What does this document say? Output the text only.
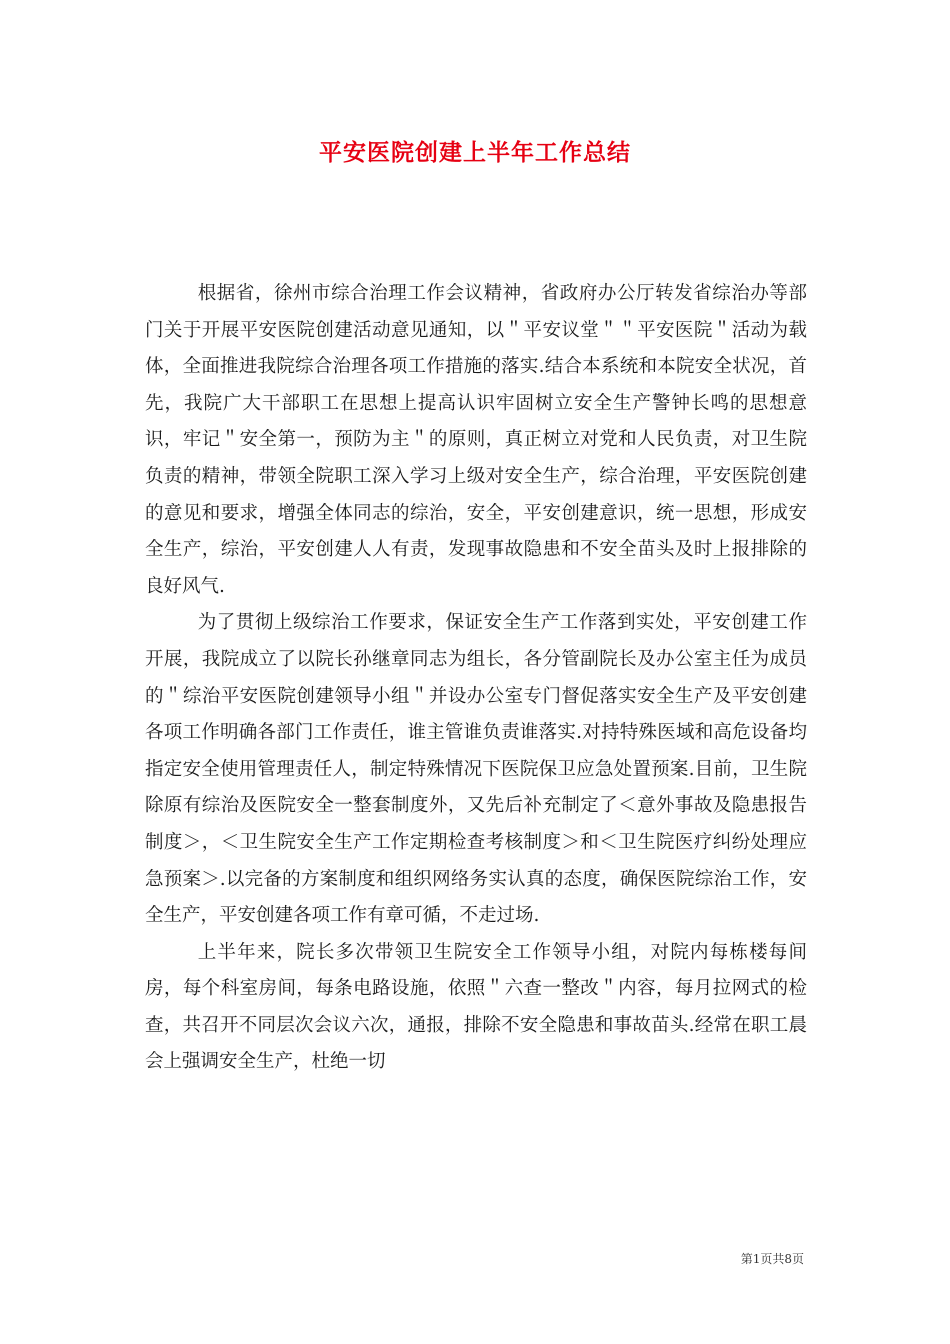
平安医院创建上半年工作总结

根据省，徐州市综合治理工作会议精神，省政府办公厅转发省综治办等部门关于开展平安医院创建活动意见通知，以＂平安议堂＂＂平安医院＂活动为载体，全面推进我院综合治理各项工作措施的落实.结合本系统和本院安全状况，首先，我院广大干部职工在思想上提高认识牢固树立安全生产警钟长鸣的思想意识，牢记＂安全第一，预防为主＂的原则，真正树立对党和人民负责，对卫生院负责的精神，带领全院职工深入学习上级对安全生产，综合治理，平安医院创建的意见和要求，增强全体同志的综治，安全，平安创建意识，统一思想，形成安全生产，综治，平安创建人人有责，发现事故隐患和不安全苗头及时上报排除的良好风气.

为了贯彻上级综治工作要求，保证安全生产工作落到实处，平安创建工作开展，我院成立了以院长孙继章同志为组长，各分管副院长及办公室主任为成员的＂综治平安医院创建领导小组＂并设办公室专门督促落实安全生产及平安创建各项工作明确各部门工作责任，谁主管谁负责谁落实.对持特殊医域和高危设备均指定安全使用管理责任人，制定特殊情况下医院保卫应急处置预案.目前，卫生院除原有综治及医院安全一整套制度外，又先后补充制定了＜意外事故及隐患报告制度＞，＜卫生院安全生产工作定期检查考核制度＞和＜卫生院医疗纠纷处理应急预案＞.以完备的方案制度和组织网络务实认真的态度，确保医院综治工作，安全生产，平安创建各项工作有章可循，不走过场.

上半年来，院长多次带领卫生院安全工作领导小组，对院内每栋楼每间房，每个科室房间，每条电路设施，依照＂六查一整改＂内容，每月拉网式的检查，共召开不同层次会议六次，通报，排除不安全隐患和事故苗头.经常在职工晨会上强调安全生产，杜绝一切

第1页共8页
